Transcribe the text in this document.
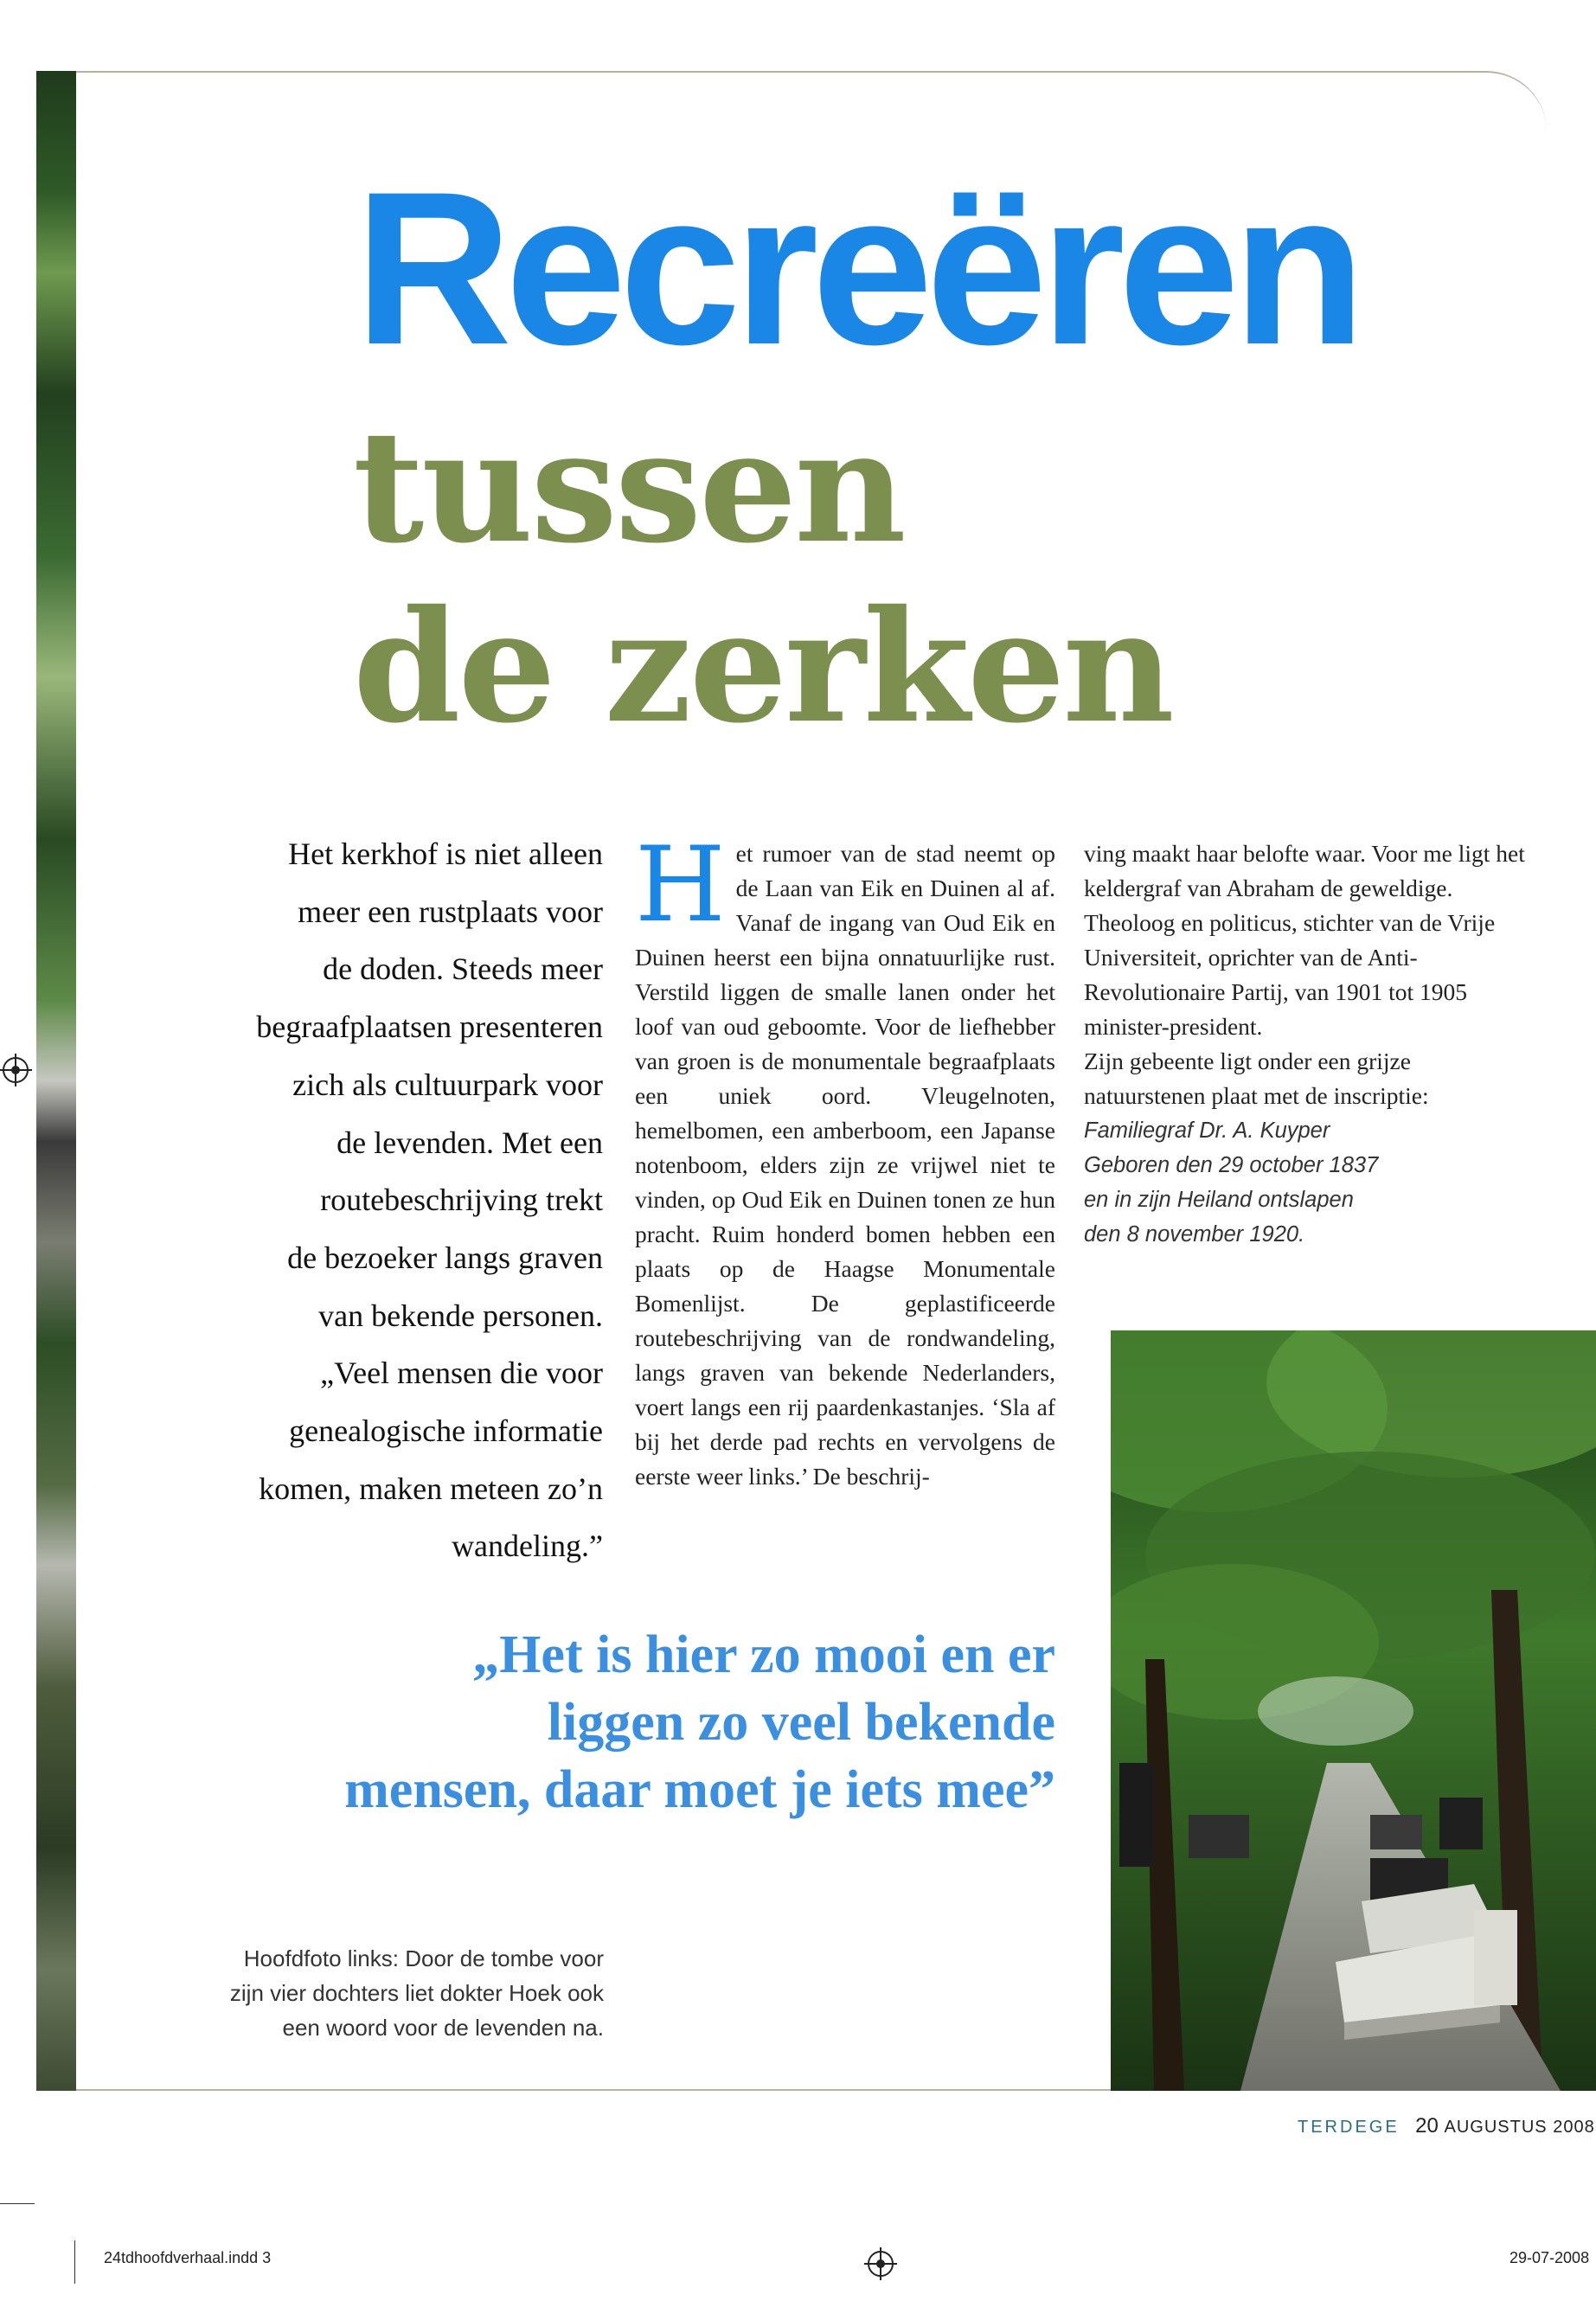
Recreëren
tussen
de zerken
Het kerkhof is niet alleen
meer een rustplaats voor
de doden. Steeds meer
begraafplaatsen presenteren
zich als cultuurpark voor
de levenden. Met een
routebeschrijving trekt
de bezoeker langs graven
van bekende personen.
„Veel mensen die voor
genealogische informatie
komen, maken meteen zo’n
wandeling.”
H et rumoer van de stad neemt op de Laan van Eik en Duinen al af. Vanaf de ingang van Oud Eik en Duinen heerst een bijna onnatuurlijke rust. Verstild liggen de smalle lanen onder het loof van oud geboomte. Voor de liefhebber van groen is de monumentale begraafplaats een uniek oord. Vleugelnoten, hemelbomen, een amberboom, een Japanse notenboom, elders zijn ze vrijwel niet te vinden, op Oud Eik en Duinen tonen ze hun pracht. Ruim honderd bomen hebben een plaats op de Haagse Monumentale Bomenlijst. De geplastificeerde routebeschrijving van de rondwandeling, langs graven van bekende Nederlanders, voert langs een rij paardenkastanjes. ‘Sla af bij het derde pad rechts en vervolgens de eerste weer links.’ De beschrij-

ving maakt haar belofte waar. Voor me ligt het keldergraf van Abraham de geweldige. Theoloog en politicus, stichter van de Vrije Universiteit, oprichter van de Anti-Revolutionaire Partij, van 1901 tot 1905 minister-president.

Zijn gebeente ligt onder een grijze natuurstenen plaat met de inscriptie:

Familiegraf Dr. A. Kuyper
Geboren den 29 october 1837
en in zijn Heiland ontslapen
den 8 november 1920.
„Het is hier zo mooi en er
liggen zo veel bekende
mensen, daar moet je iets mee”
Hoofdfoto links: Door de tombe voor
zijn vier dochters liet dokter Hoek ook
een woord voor de levenden na.
TERDEGE 20 AUGUSTUS 2008
24tdhoofdverhaal.indd 3	29-07-2008
